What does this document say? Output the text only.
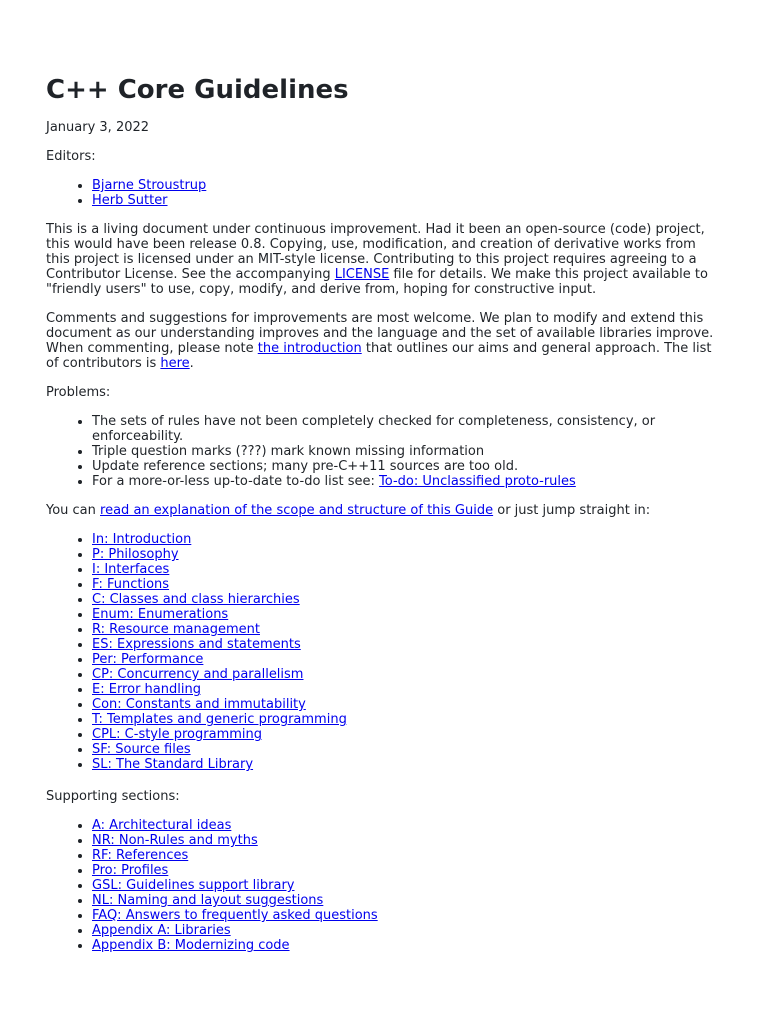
C++ Core Guidelines

January 3, 2022

Editors:

• Bjarne Stroustrup
• Herb Sutter

This is a living document under continuous improvement. Had it been an open-source (code) project, this would have been release 0.8. Copying, use, modification, and creation of derivative works from this project is licensed under an MIT-style license. Contributing to this project requires agreeing to a Contributor License. See the accompanying LICENSE file for details. We make this project available to "friendly users" to use, copy, modify, and derive from, hoping for constructive input.

Comments and suggestions for improvements are most welcome. We plan to modify and extend this document as our understanding improves and the language and the set of available libraries improve. When commenting, please note the introduction that outlines our aims and general approach. The list of contributors is here.

Problems:

• The sets of rules have not been completely checked for completeness, consistency, or enforceability.
• Triple question marks (???) mark known missing information
• Update reference sections; many pre-C++11 sources are too old.
• For a more-or-less up-to-date to-do list see: To-do: Unclassified proto-rules

You can read an explanation of the scope and structure of this Guide or just jump straight in:

• In: Introduction
• P: Philosophy
• I: Interfaces
• F: Functions
• C: Classes and class hierarchies
• Enum: Enumerations
• R: Resource management
• ES: Expressions and statements
• Per: Performance
• CP: Concurrency and parallelism
• E: Error handling
• Con: Constants and immutability
• T: Templates and generic programming
• CPL: C-style programming
• SF: Source files
• SL: The Standard Library

Supporting sections:

• A: Architectural ideas
• NR: Non-Rules and myths
• RF: References
• Pro: Profiles
• GSL: Guidelines support library
• NL: Naming and layout suggestions
• FAQ: Answers to frequently asked questions
• Appendix A: Libraries
• Appendix B: Modernizing code
